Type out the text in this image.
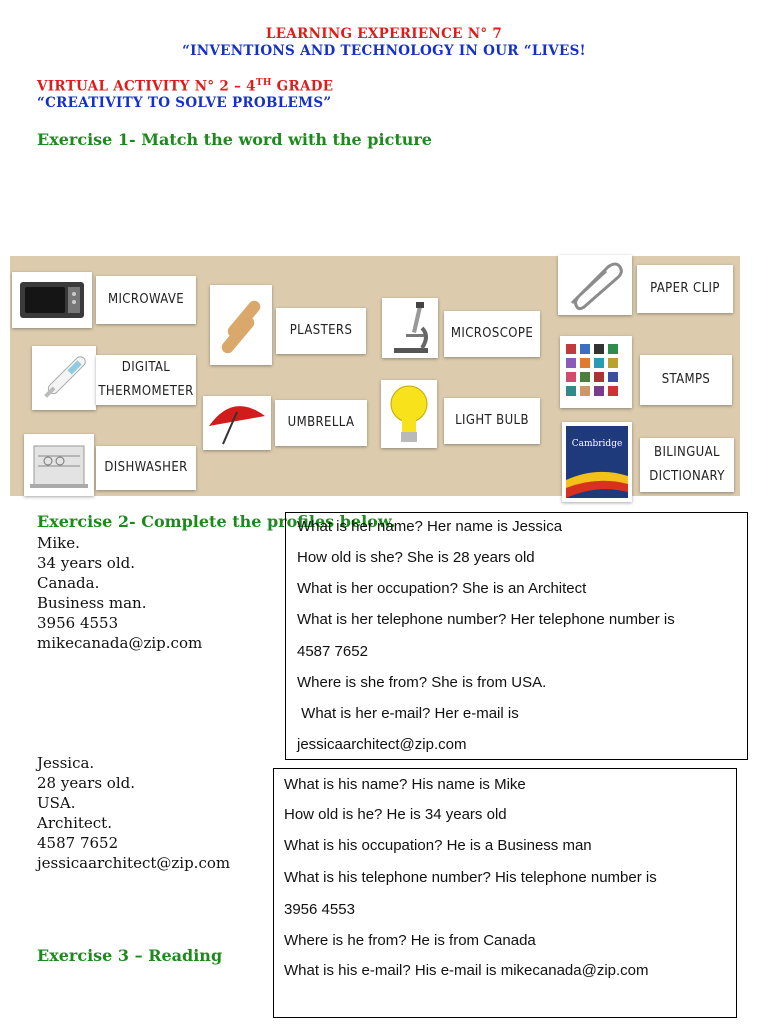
LEARNING EXPERIENCE N° 7
“INVENTIONS AND TECHNOLOGY IN OUR “LIVES!
VIRTUAL ACTIVITY N° 2 – 4TH GRADE
“CREATIVITY TO SOLVE PROBLEMS”
Exercise 1- Match the word with the picture
MICROWAVE
DIGITAL
THERMOMETER
DISHWASHER
PLASTERS
UMBRELLA
MICROSCOPE
LIGHT BULB
PAPER CLIP
STAMPS
Cambridge
BILINGUAL
DICTIONARY
Exercise 2- Complete the profiles below.
Mike.
34 years old.
Canada.
Business man.
3956 4553
mikecanada@zip.com
Jessica.
28 years old.
USA.
Architect.
4587 7652
jessicaarchitect@zip.com
What is her name? Her name is Jessica
How old is she? She is 28 years old
What is her occupation? She is an Architect
What is her telephone number? Her telephone number is
4587 7652
Where is she from? She is from USA.
What is her e-mail? Her e-mail is
jessicaarchitect@zip.com
What is his name? His name is Mike
How old is he? He is 34 years old
What is his occupation? He is a Business man
What is his telephone number? His telephone number is
3956 4553
Where is he from? He is from Canada
What is his e-mail? His e-mail is mikecanada@zip.com
Exercise 3 – Reading
